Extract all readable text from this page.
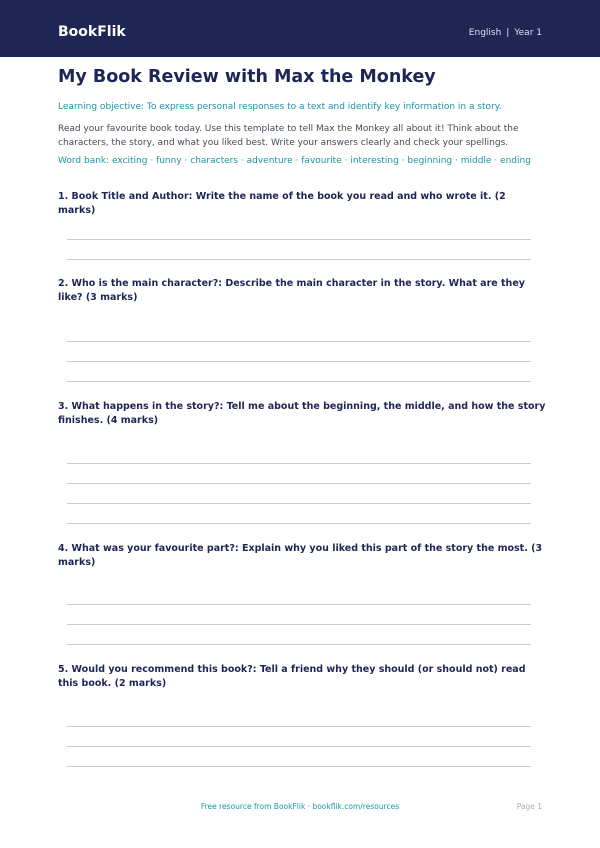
BookFlik	English | Year 1
My Book Review with Max the Monkey

Learning objective: To express personal responses to a text and identify key information in a story.

Read your favourite book today. Use this template to tell Max the Monkey all about it! Think about the characters, the story, and what you liked best. Write your answers clearly and check your spellings.

Word bank: exciting · funny · characters · adventure · favourite · interesting · beginning · middle · ending

1. Book Title and Author: Write the name of the book you read and who wrote it. (2 marks)
2. Who is the main character?: Describe the main character in the story. What are they like? (3 marks)
3. What happens in the story?: Tell me about the beginning, the middle, and how the story finishes. (4 marks)
4. What was your favourite part?: Explain why you liked this part of the story the most. (3 marks)
5. Would you recommend this book?: Tell a friend why they should (or should not) read this book. (2 marks)
Free resource from BookFlik · bookflik.com/resources	Page 1
